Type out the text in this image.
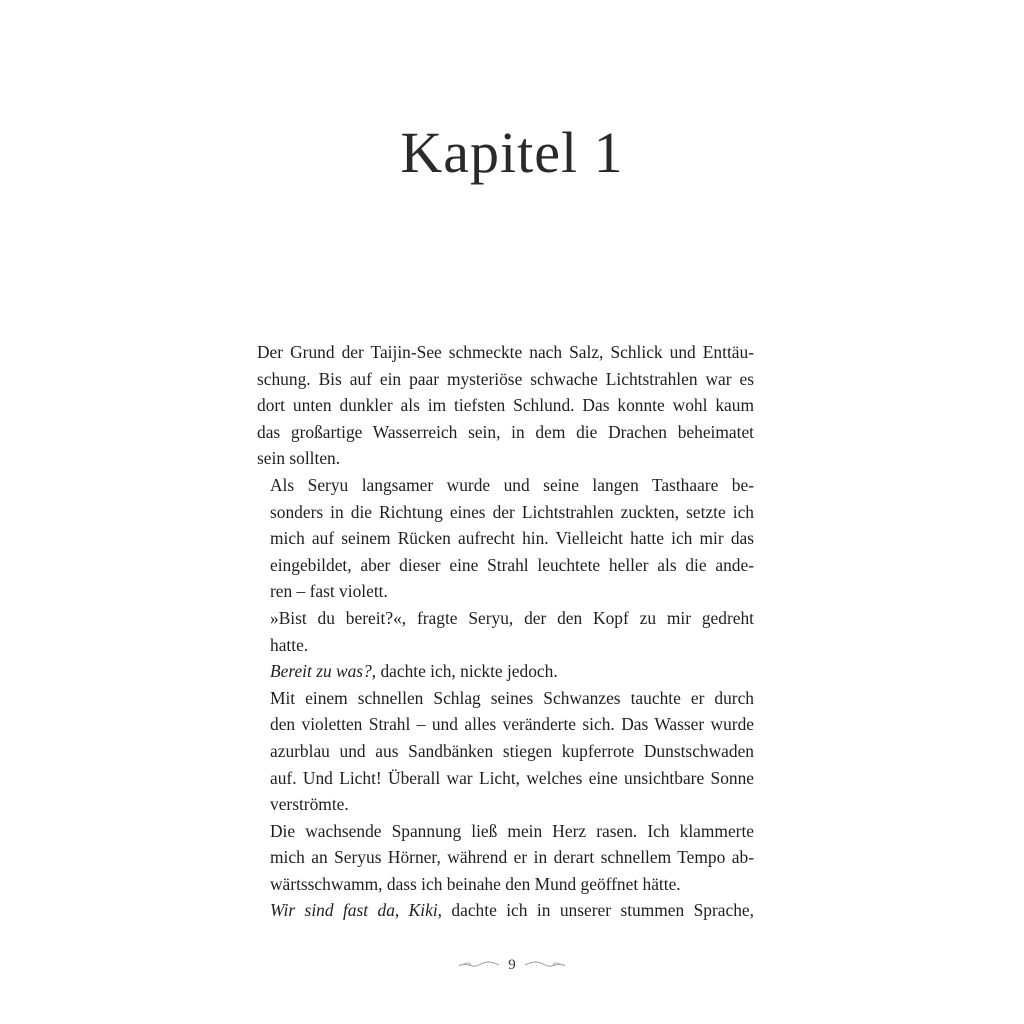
Kapitel 1

Der Grund der Taijin-See schmeckte nach Salz, Schlick und Enttäu-
schung. Bis auf ein paar mysteriöse schwache Lichtstrahlen war es
dort unten dunkler als im tiefsten Schlund. Das konnte wohl kaum
das großartige Wasserreich sein, in dem die Drachen beheimatet
sein sollten.

Als Seryu langsamer wurde und seine langen Tasthaare be-
sonders in die Richtung eines der Lichtstrahlen zuckten, setzte ich
mich auf seinem Rücken aufrecht hin. Vielleicht hatte ich mir das
eingebildet, aber dieser eine Strahl leuchtete heller als die ande-
ren – fast violett.

»Bist du bereit?«, fragte Seryu, der den Kopf zu mir gedreht
hatte.

Bereit zu was?, dachte ich, nickte jedoch.

Mit einem schnellen Schlag seines Schwanzes tauchte er durch
den violetten Strahl – und alles veränderte sich. Das Wasser wurde
azurblau und aus Sandbänken stiegen kupferrote Dunstschwaden
auf. Und Licht! Überall war Licht, welches eine unsichtbare Sonne
verströmte.

Die wachsende Spannung ließ mein Herz rasen. Ich klammerte
mich an Seryus Hörner, während er in derart schnellem Tempo ab-
wärtsschwamm, dass ich beinahe den Mund geöffnet hätte.

Wir sind fast da, Kiki, dachte ich in unserer stummen Sprache,

9
